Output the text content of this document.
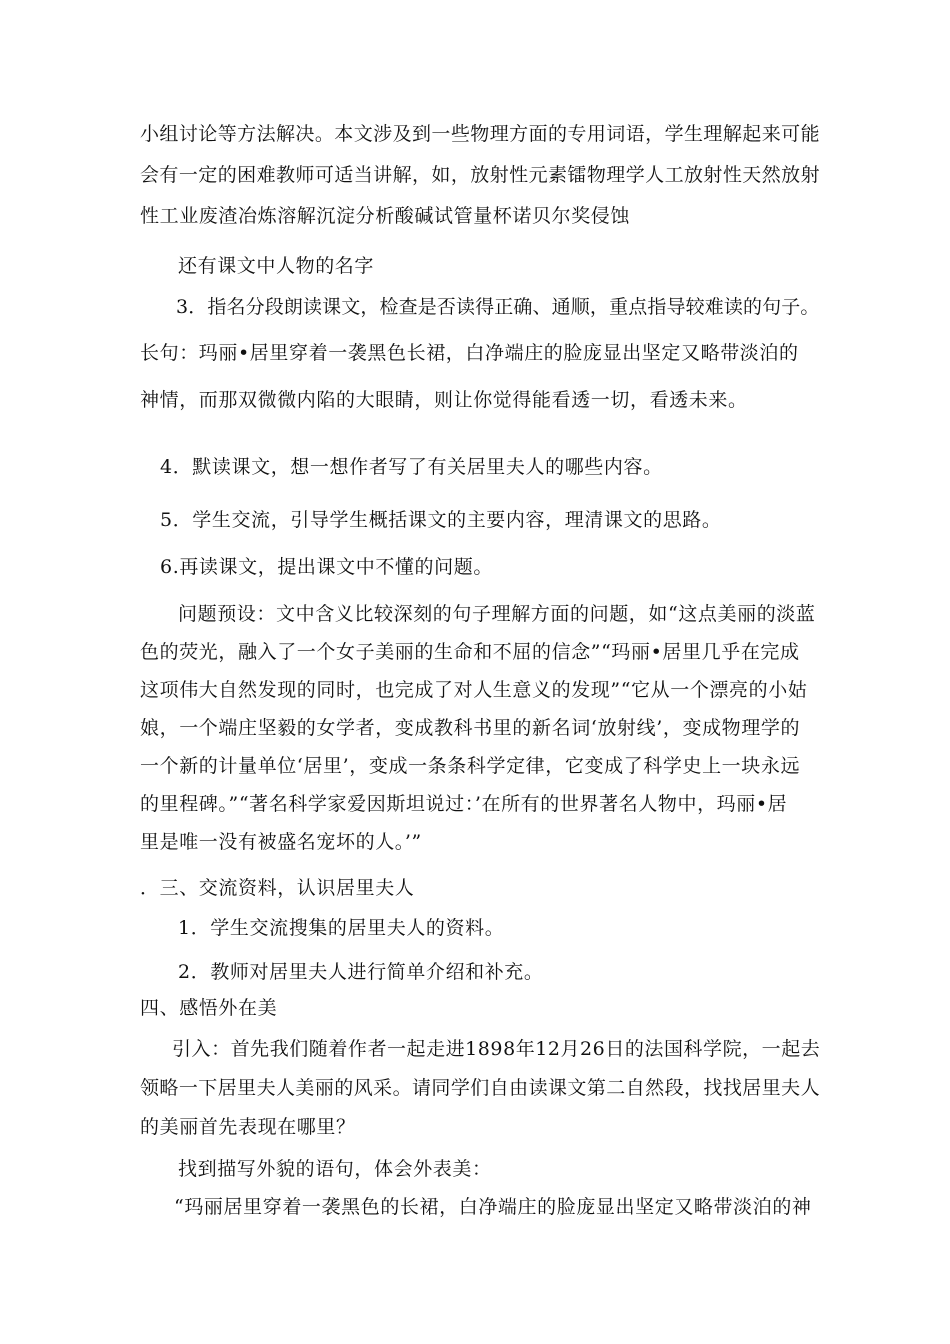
小组讨论等方法解决。本文涉及到一些物理方面的专用词语，学生理解起来可能
会有一定的困难教师可适当讲解，如，放射性元素镭物理学人工放射性天然放射
性工业废渣冶炼溶解沉淀分析酸碱试管量杯诺贝尔奖侵蚀
还有课文中人物的名字
3．指名分段朗读课文，检查是否读得正确、通顺，重点指导较难读的句子。
长句：玛丽•居里穿着一袭黑色长裙，白净端庄的脸庞显出坚定又略带淡泊的
神情，而那双微微内陷的大眼睛，则让你觉得能看透一切，看透未来。
4．默读课文，想一想作者写了有关居里夫人的哪些内容。
5．学生交流，引导学生概括课文的主要内容，理清课文的思路。
6.再读课文，提出课文中不懂的问题。
问题预设：文中含义比较深刻的句子理解方面的问题，如“这点美丽的淡蓝
色的荧光，融入了一个女子美丽的生命和不屈的信念”“玛丽•居里几乎在完成
这项伟大自然发现的同时，也完成了对人生意义的发现”“它从一个漂亮的小姑
娘，一个端庄坚毅的女学者，变成教科书里的新名词‘放射线’，变成物理学的
一个新的计量单位‘居里’，变成一条条科学定律，它变成了科学史上一块永远
的里程碑。”“著名科学家爱因斯坦说过：’在所有的世界著名人物中，玛丽•居
里是唯一没有被盛名宠坏的人。’”
．三、交流资料，认识居里夫人
1．学生交流搜集的居里夫人的资料。
2．教师对居里夫人进行简单介绍和补充。
四、感悟外在美
引入：首先我们随着作者一起走进1898年12月26日的法国科学院，一起去
领略一下居里夫人美丽的风采。请同学们自由读课文第二自然段，找找居里夫人
的美丽首先表现在哪里？
找到描写外貌的语句，体会外表美：
“玛丽居里穿着一袭黑色的长裙，白净端庄的脸庞显出坚定又略带淡泊的神
